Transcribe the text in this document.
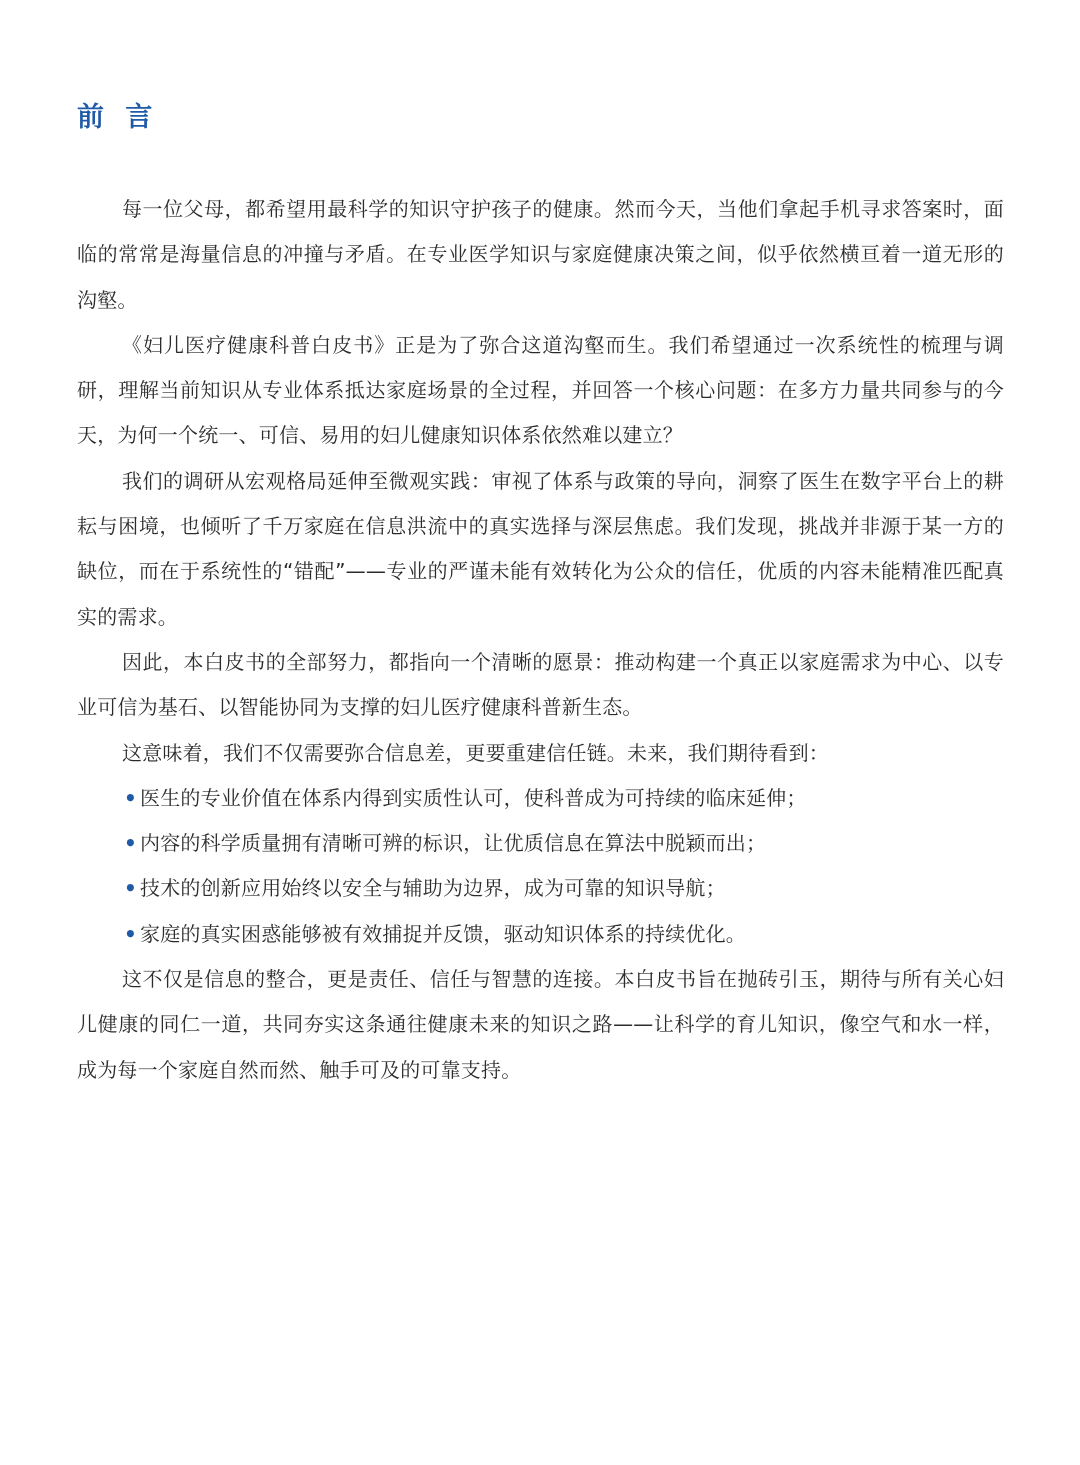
前 言

每一位父母，都希望用最科学的知识守护孩子的健康。然而今天，当他们拿起手机寻求答案时，面临的常常是海量信息的冲撞与矛盾。在专业医学知识与家庭健康决策之间，似乎依然横亘着一道无形的沟壑。

《妇儿医疗健康科普白皮书》正是为了弥合这道沟壑而生。我们希望通过一次系统性的梳理与调研，理解当前知识从专业体系抵达家庭场景的全过程，并回答一个核心问题：在多方力量共同参与的今天，为何一个统一、可信、易用的妇儿健康知识体系依然难以建立？

我们的调研从宏观格局延伸至微观实践：审视了体系与政策的导向，洞察了医生在数字平台上的耕耘与困境，也倾听了千万家庭在信息洪流中的真实选择与深层焦虑。我们发现，挑战并非源于某一方的缺位，而在于系统性的“错配”——专业的严谨未能有效转化为公众的信任，优质的内容未能精准匹配真实的需求。

因此，本白皮书的全部努力，都指向一个清晰的愿景：推动构建一个真正以家庭需求为中心、以专业可信为基石、以智能协同为支撑的妇儿医疗健康科普新生态。

这意味着，我们不仅需要弥合信息差，更要重建信任链。未来，我们期待看到：

• 医生的专业价值在体系内得到实质性认可，使科普成为可持续的临床延伸；
• 内容的科学质量拥有清晰可辨的标识，让优质信息在算法中脱颖而出；
• 技术的创新应用始终以安全与辅助为边界，成为可靠的知识导航；
• 家庭的真实困惑能够被有效捕捉并反馈，驱动知识体系的持续优化。

这不仅是信息的整合，更是责任、信任与智慧的连接。本白皮书旨在抛砖引玉，期待与所有关心妇儿健康的同仁一道，共同夯实这条通往健康未来的知识之路——让科学的育儿知识，像空气和水一样，成为每一个家庭自然而然、触手可及的可靠支持。
